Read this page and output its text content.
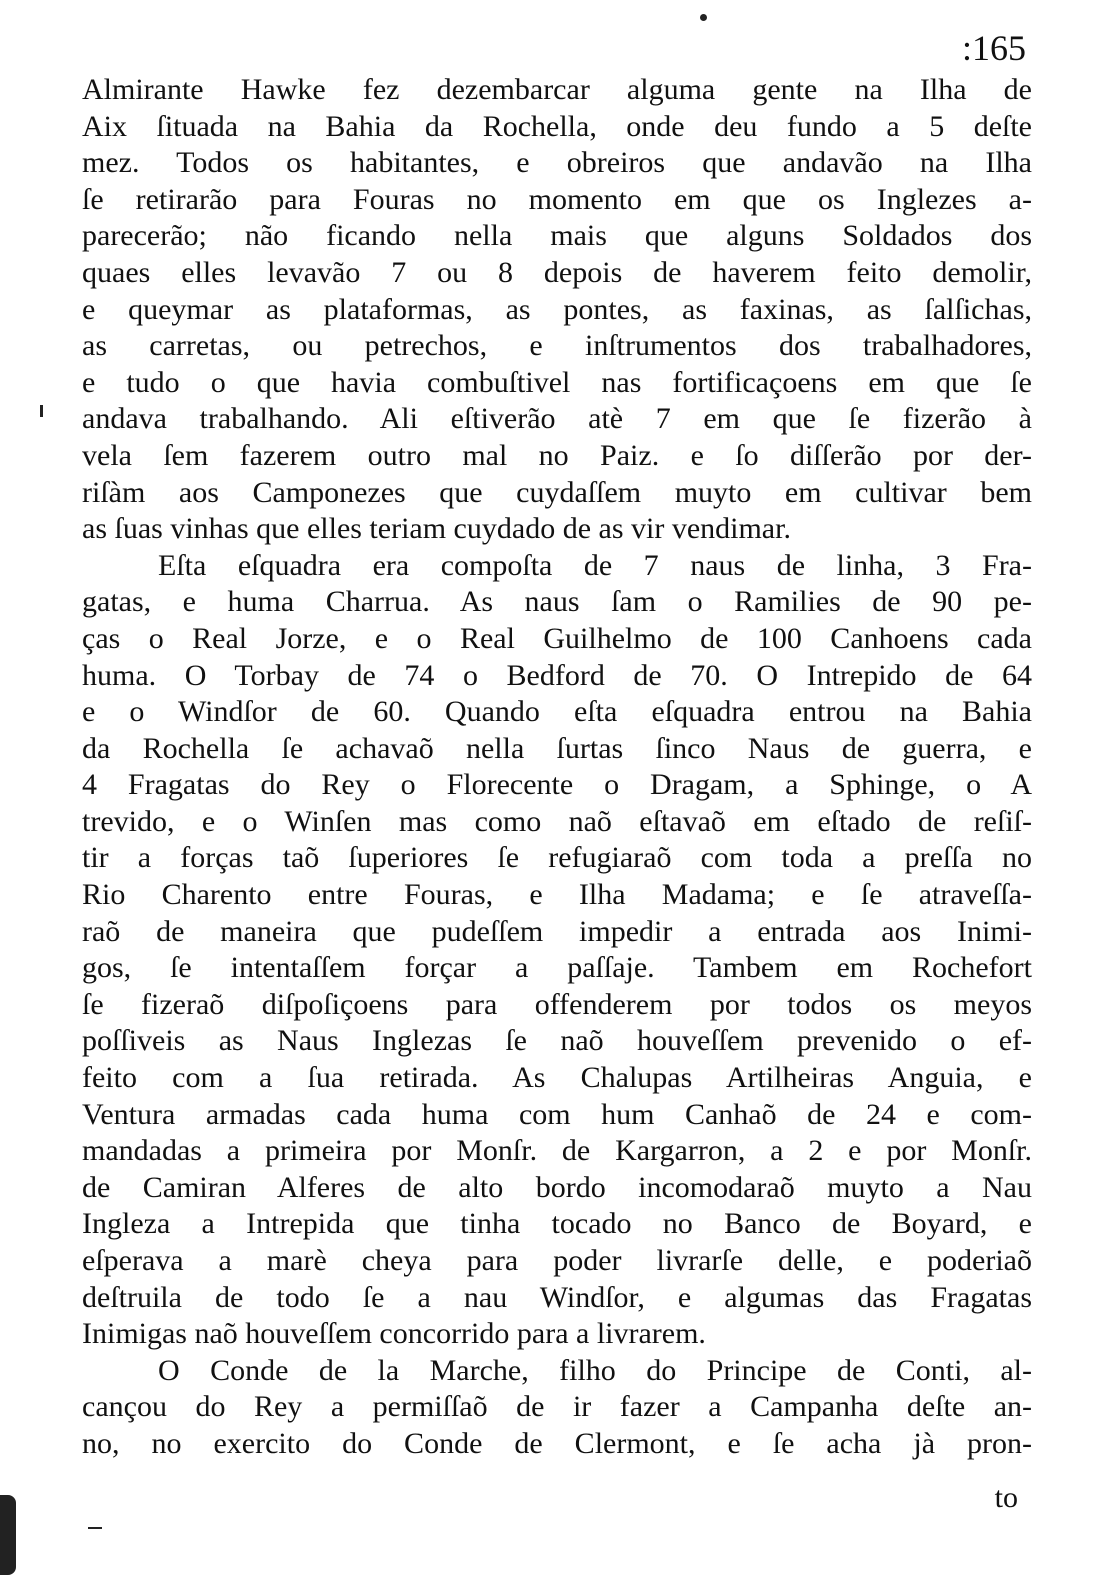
:165
Almirante Hawke fez dezembarcar alguma gente na Ilha de
Aix ſituada na Bahia da Rochella, onde deu fundo a 5 deſte
mez. Todos os habitantes, e obreiros que andavão na Ilha
ſe retirarão para Fouras no momento em que os Inglezes a-
parecerão; não ficando nella mais que alguns Soldados dos
quaes elles levavão 7 ou 8 depois de haverem feito demolir,
e queymar as plataformas, as pontes, as faxinas, as ſalſichas,
as carretas, ou petrechos, e inſtrumentos dos trabalhadores,
e tudo o que havia combuſtivel nas fortificaçoens em que ſe
andava trabalhando. Ali eſtiverão atè 7 em que ſe fizerão à
vela ſem fazerem outro mal no Paiz. e ſo diſſerão por der-
riſàm aos Camponezes que cuydaſſem muyto em cultivar bem
as ſuas vinhas que elles teriam cuydado de as vir vendimar.
Eſta eſquadra era compoſta de 7 naus de linha, 3 Fra-
gatas, e huma Charrua. As naus ſam o Ramilies de 90 pe-
ças o Real Jorze, e o Real Guilhelmo de 100 Canhoens cada
huma. O Torbay de 74 o Bedford de 70. O Intrepido de 64
e o Windſor de 60. Quando eſta eſquadra entrou na Bahia
da Rochella ſe achavaõ nella ſurtas ſinco Naus de guerra, e
4 Fragatas do Rey o Florecente o Dragam, a Sphinge, o A
trevido, e o Winſen mas como naõ eſtavaõ em eſtado de reſiſ-
tir a forças taõ ſuperiores ſe refugiaraõ com toda a preſſa no
Rio Charento entre Fouras, e Ilha Madama; e ſe atraveſſa-
raõ de maneira que pudeſſem impedir a entrada aos Inimi-
gos, ſe intentaſſem forçar a paſſaje. Tambem em Rochefort
ſe fizeraõ diſpoſiçoens para offenderem por todos os meyos
poſſiveis as Naus Inglezas ſe naõ houveſſem prevenido o ef-
feito com a ſua retirada. As Chalupas Artilheiras Anguia, e
Ventura armadas cada huma com hum Canhaõ de 24 e com-
mandadas a primeira por Monſr. de Kargarron, a 2 e por Monſr.
de Camiran Alferes de alto bordo incomodaraõ muyto a Nau
Ingleza a Intrepida que tinha tocado no Banco de Boyard, e
eſperava a marè cheya para poder livrarſe delle, e poderiaõ
deſtruila de todo ſe a nau Windſor, e algumas das Fragatas
Inimigas naõ houveſſem concorrido para a livrarem.
O Conde de la Marche, filho do Principe de Conti, al-
cançou do Rey a permiſſaõ de ir fazer a Campanha deſte an-
no, no exercito do Conde de Clermont, e ſe acha jà pron-
to
